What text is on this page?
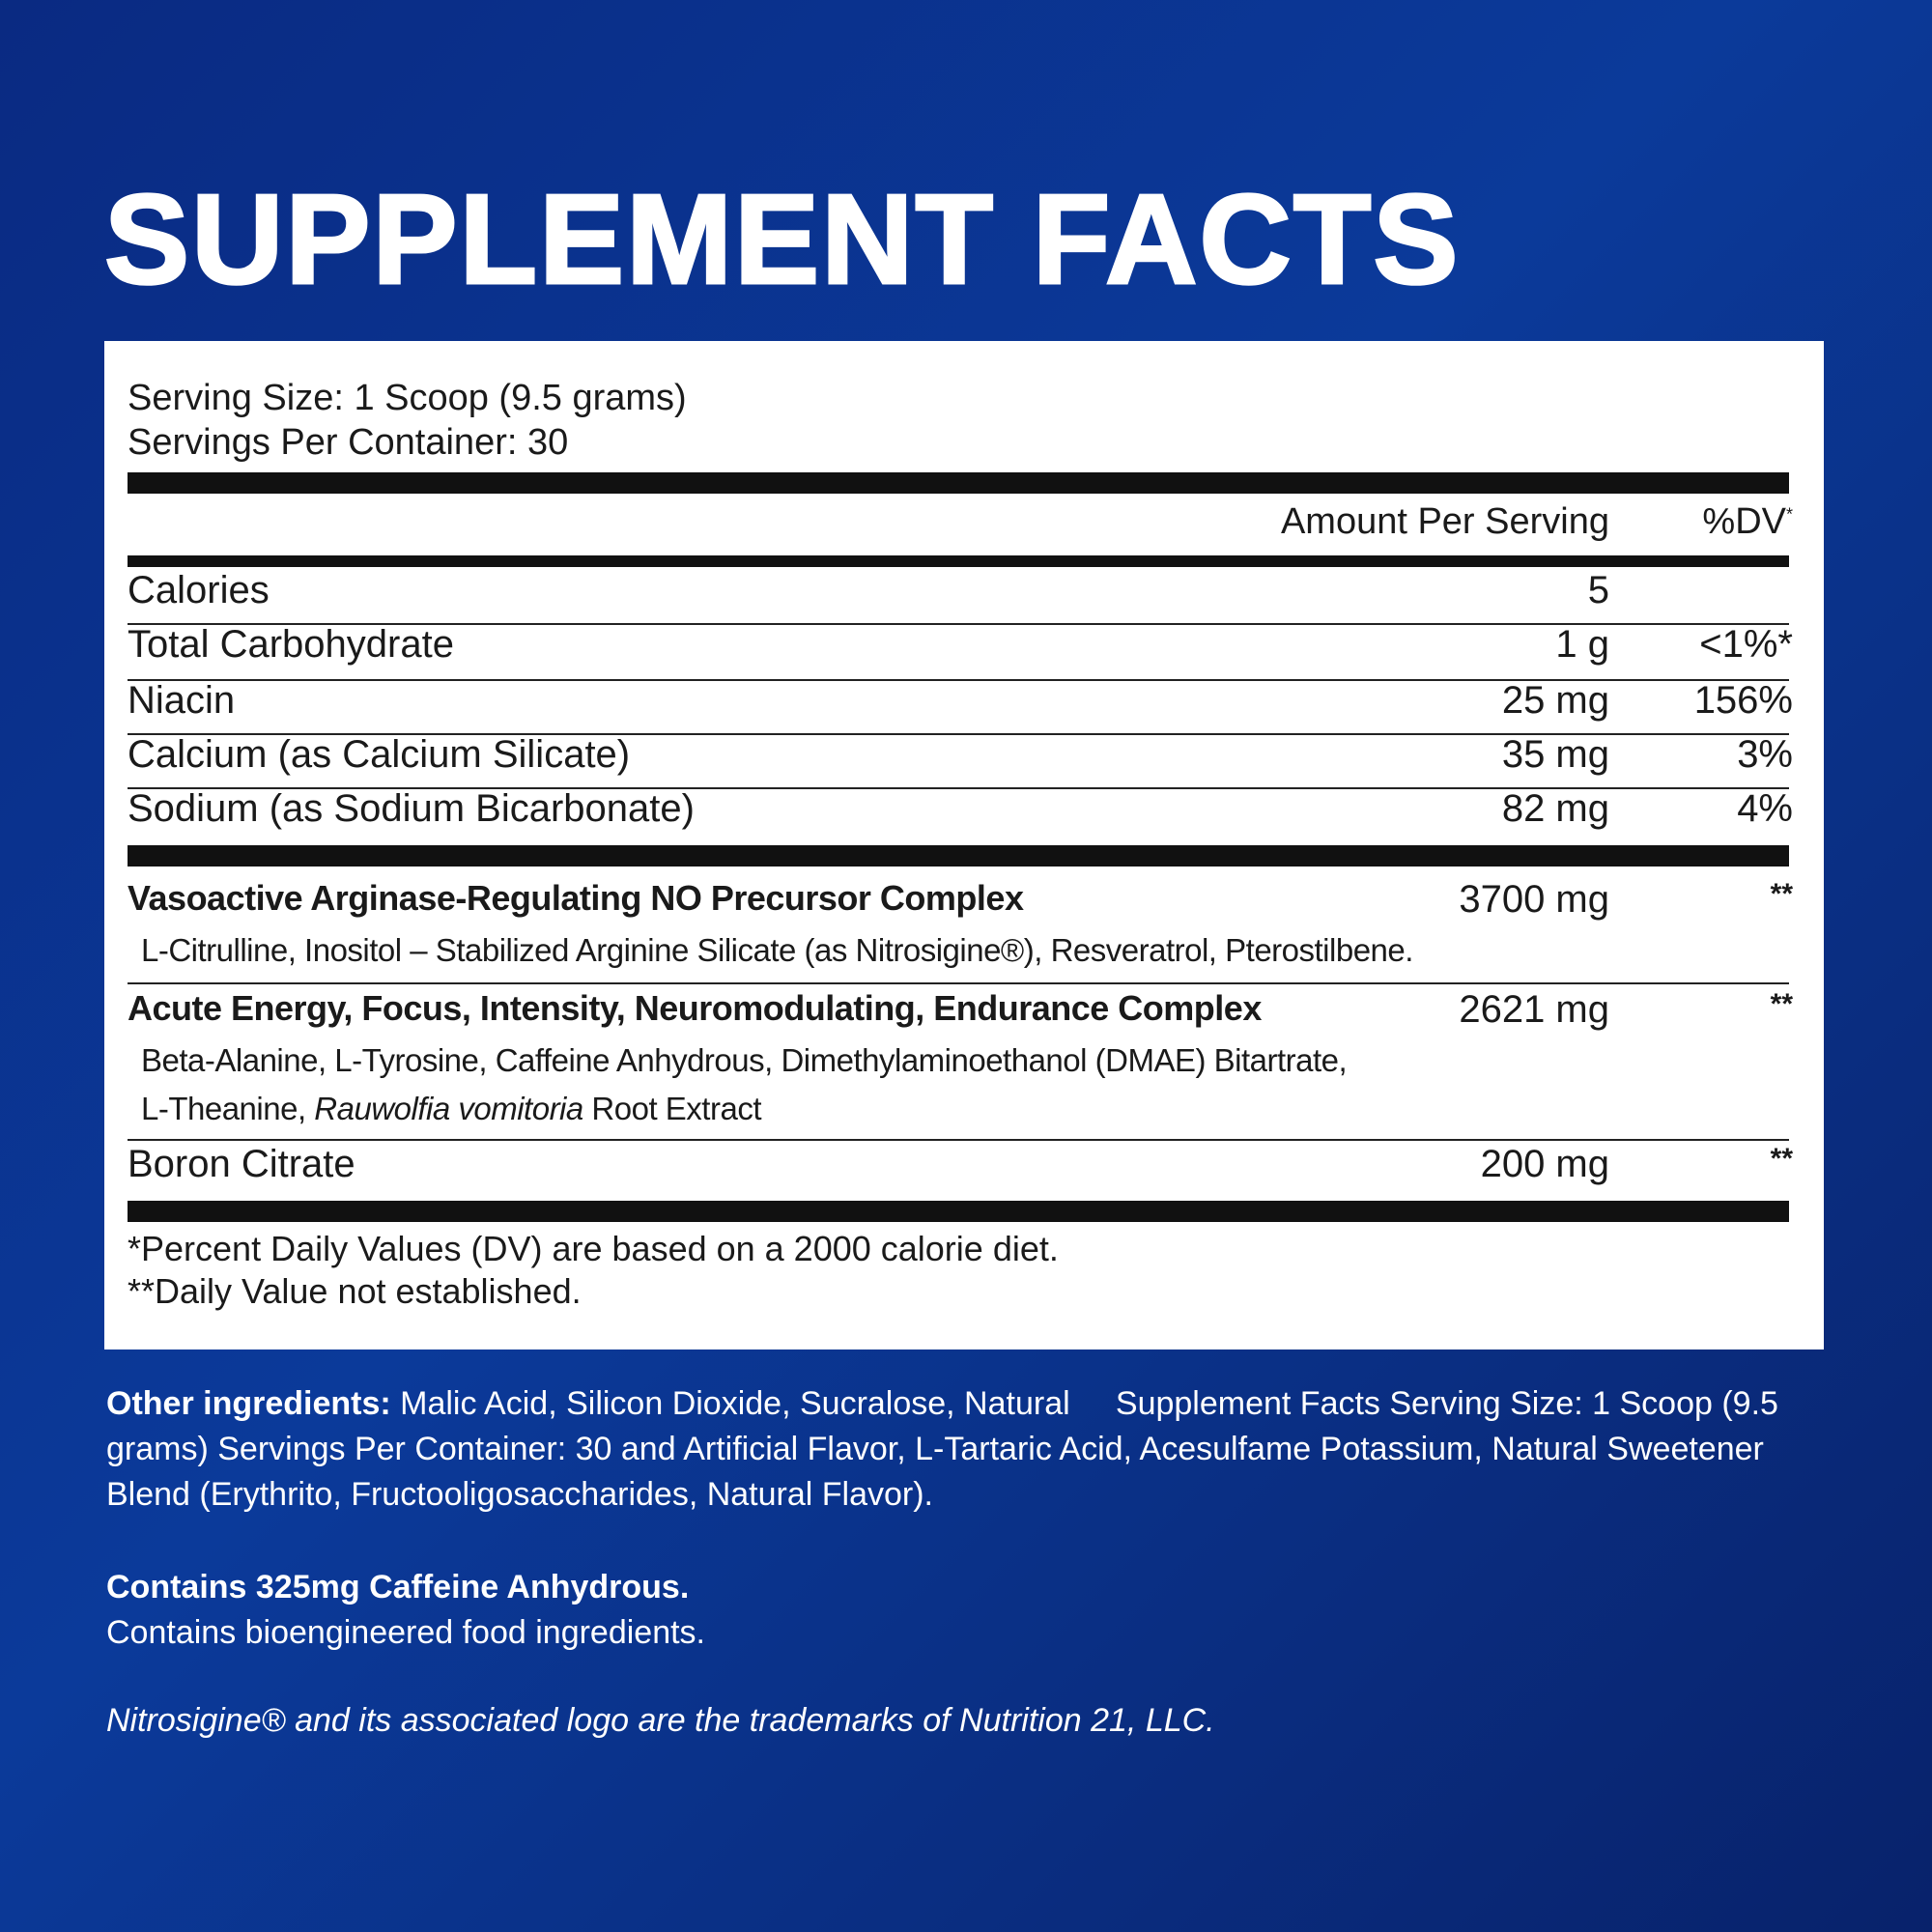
SUPPLEMENT FACTS
Serving Size: 1 Scoop (9.5 grams)
Servings Per Container: 30
Amount Per Serving	%DV*
Calories	5
Total Carbohydrate	1 g <1%*
Niacin	25 mg 156%
Calcium (as Calcium Silicate)	35 mg	3%
Sodium (as Sodium Bicarbonate)	82 mg	4%
Vasoactive Arginase-Regulating NO Precursor Complex	3700 mg	**
L-Citrulline, Inositol – Stabilized Arginine Silicate (as Nitrosigine®), Resveratrol, Pterostilbene.
Acute Energy, Focus, Intensity, Neuromodulating, Endurance Complex	2621 mg	**
Beta-Alanine, L-Tyrosine, Caffeine Anhydrous, Dimethylaminoethanol (DMAE) Bitartrate,
L-Theanine, Rauwolfia vomitoria Root Extract
Boron Citrate	200 mg	**
*Percent Daily Values (DV) are based on a 2000 calorie diet.
**Daily Value not established.
Other ingredients: Malic Acid, Silicon Dioxide, Sucralose, Natural     Supplement Facts Serving Size: 1 Scoop (9.5 grams) Servings Per Container: 30 and Artificial Flavor, L-Tartaric Acid, Acesulfame Potassium, Natural Sweetener Blend (Erythrito, Fructooligosaccharides, Natural Flavor).
Contains 325mg Caffeine Anhydrous.
Contains bioengineered food ingredients.
Nitrosigine® and its associated logo are the trademarks of Nutrition 21, LLC.
